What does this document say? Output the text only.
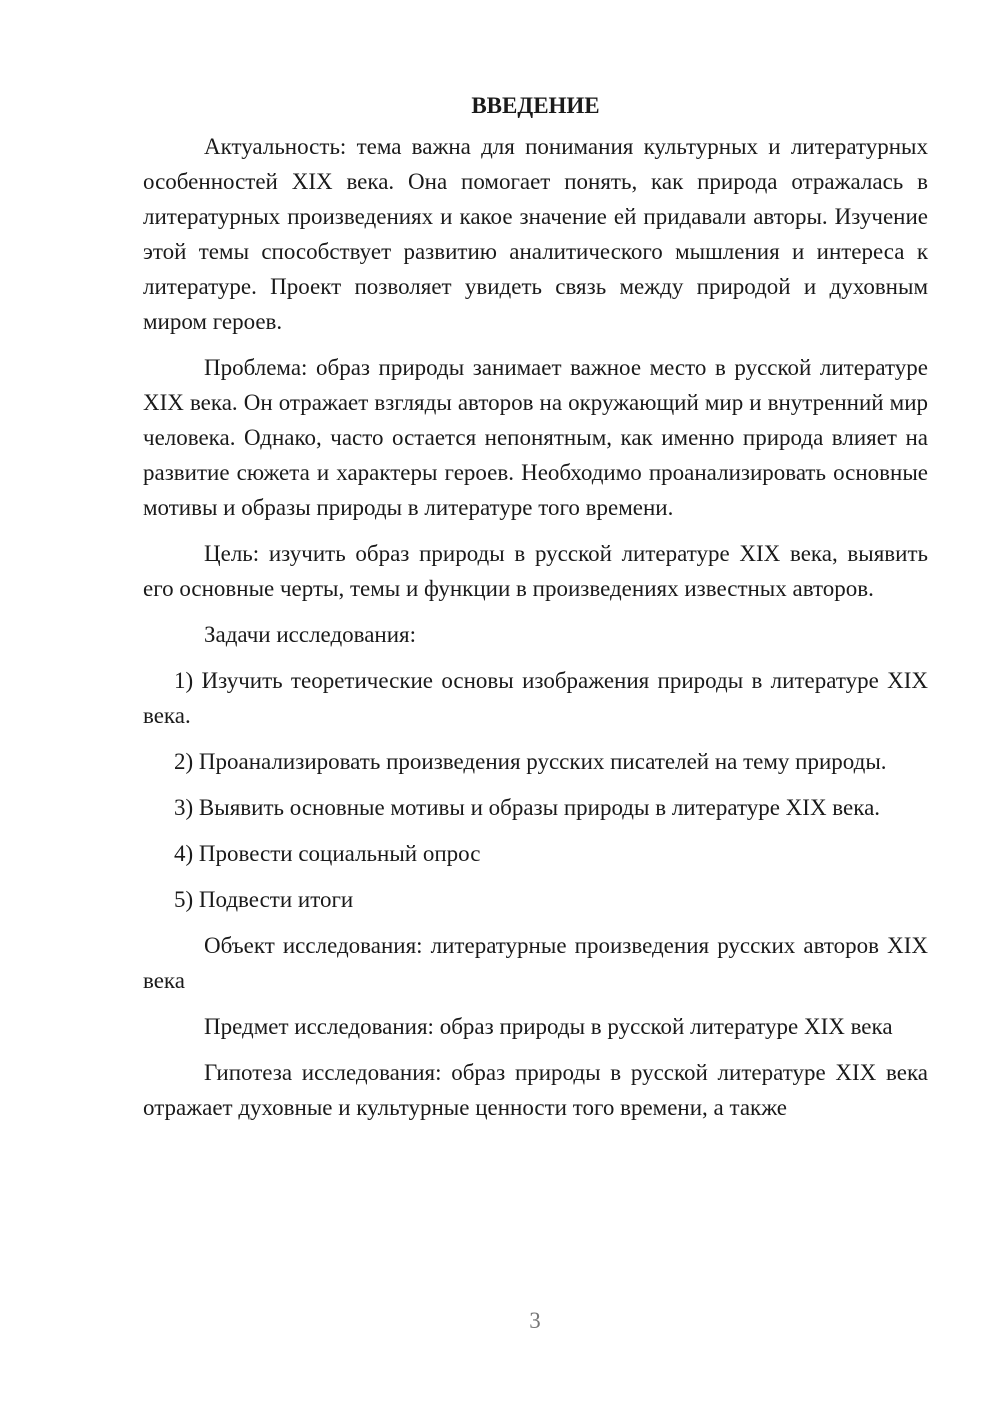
ВВЕДЕНИЕ

Актуальность: тема важна для понимания культурных и литературных особенностей XIX века. Она помогает понять, как природа отражалась в литературных произведениях и какое значение ей придавали авторы. Изучение этой темы способствует развитию аналитического мышления и интереса к литературе. Проект позволяет увидеть связь между природой и духовным миром героев.

Проблема: образ природы занимает важное место в русской литературе XIX века. Он отражает взгляды авторов на окружающий мир и внутренний мир человека. Однако, часто остается непонятным, как именно природа влияет на развитие сюжета и характеры героев. Необходимо проанализировать основные мотивы и образы природы в литературе того времени.

Цель: изучить образ природы в русской литературе XIX века, выявить его основные черты, темы и функции в произведениях известных авторов.

Задачи исследования:

1) Изучить теоретические основы изображения природы в литературе XIX века.

2) Проанализировать произведения русских писателей на тему природы.

3) Выявить основные мотивы и образы природы в литературе XIX века.

4) Провести социальный опрос

5) Подвести итоги

Объект исследования: литературные произведения русских авторов XIX века

Предмет исследования: образ природы в русской литературе XIX века

Гипотеза исследования: образ природы в русской литературе XIX века отражает духовные и культурные ценности того времени, а также

3
